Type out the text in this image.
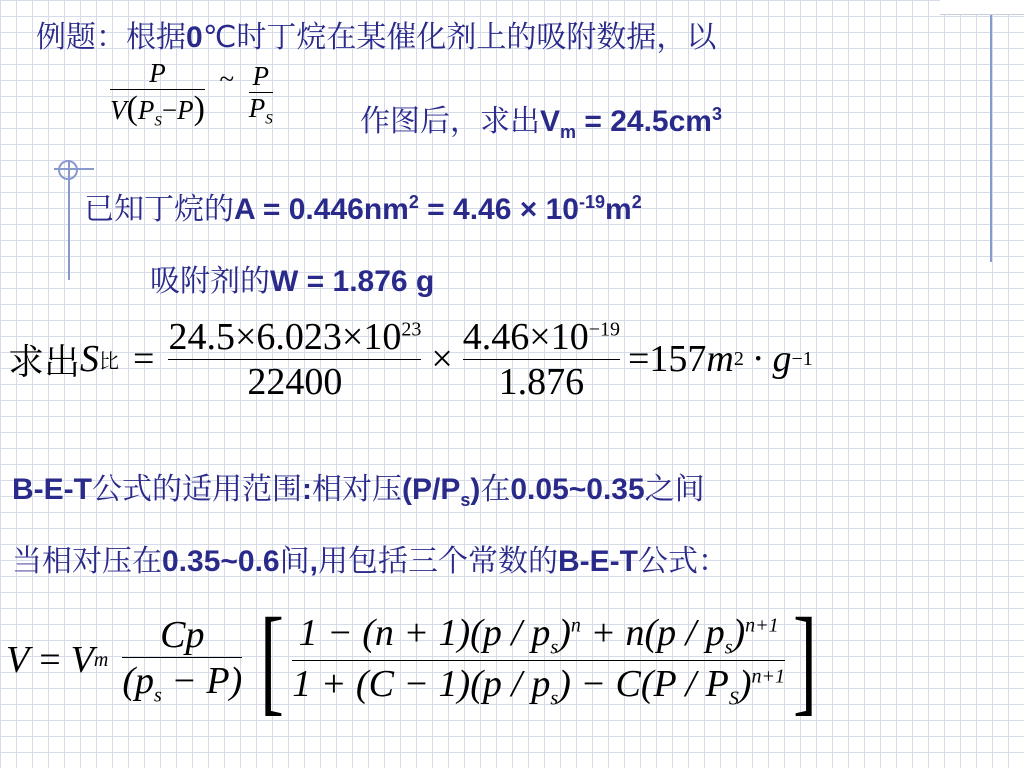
例题：根据0℃时丁烷在某催化剂上的吸附数据，以
$\frac{P}{V(P_S-P)}$ ~ $\frac{P}{P_S}$	作图后，求出$V_m = 24.5cm^3$
已知丁烷的$A = 0.446nm^2 = 4.46 \times 10^{-19}m^2$
吸附剂的W = 1.876 g
求出 S 比 = $\frac{24.5\times 6.023\times 10^{23}}{22400} \times \frac{4.46\times 10^{-19}}{1.876} =157$ m 2 · g −1
B-E-T公式的适用范围:相对压$(P/P_s)$在0.05~0.35之间
当相对压在0.35~0.6间,用包括三个常数的B-E-T公式：
V = V m $\frac{Cp}{(p_s - P)}$ [ $\frac{1 - (n + 1)(p / p_s)^n + n(p / p_s)^{n+1}}{1 + (C - 1)(p / p_s) - C(P / P_S)^{n+1}}$ ]
